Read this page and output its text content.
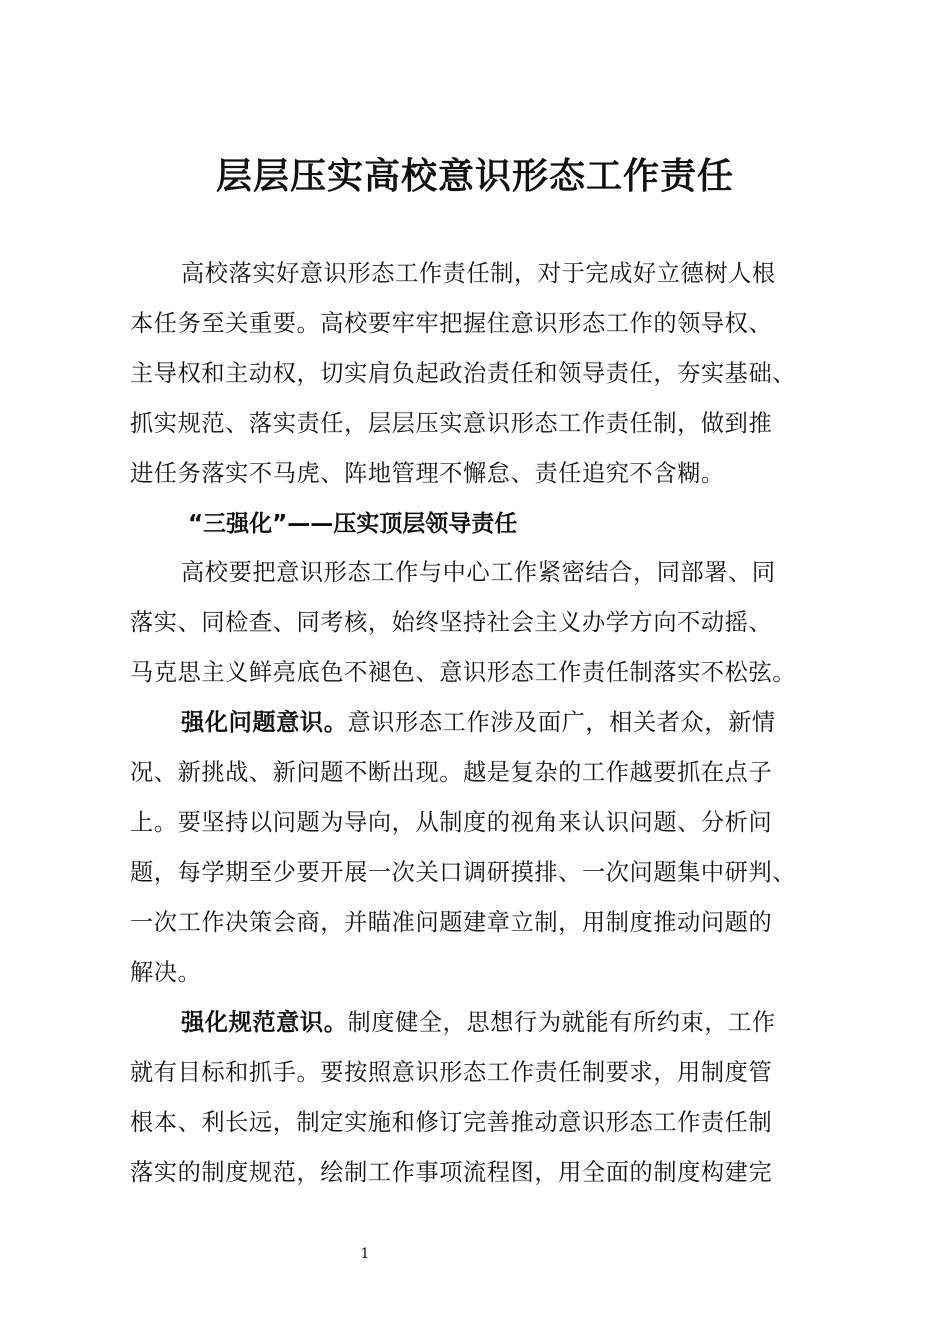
层层压实高校意识形态工作责任

高校落实好意识形态工作责任制，对于完成好立德树人根

本任务至关重要。高校要牢牢把握住意识形态工作的领导权、

主导权和主动权，切实肩负起政治责任和领导责任，夯实基础、

抓实规范、落实责任，层层压实意识形态工作责任制，做到推

进任务落实不马虎、阵地管理不懈怠、责任追究不含糊。

“三强化”——压实顶层领导责任

高校要把意识形态工作与中心工作紧密结合，同部署、同

落实、同检查、同考核，始终坚持社会主义办学方向不动摇、

马克思主义鲜亮底色不褪色、意识形态工作责任制落实不松弦。

强化问题意识。意识形态工作涉及面广，相关者众，新情

况、新挑战、新问题不断出现。越是复杂的工作越要抓在点子

上。要坚持以问题为导向，从制度的视角来认识问题、分析问

题，每学期至少要开展一次关口调研摸排、一次问题集中研判、

一次工作决策会商，并瞄准问题建章立制，用制度推动问题的

解决。

强化规范意识。制度健全，思想行为就能有所约束，工作

就有目标和抓手。要按照意识形态工作责任制要求，用制度管

根本、利长远，制定实施和修订完善推动意识形态工作责任制

落实的制度规范，绘制工作事项流程图，用全面的制度构建完

1
